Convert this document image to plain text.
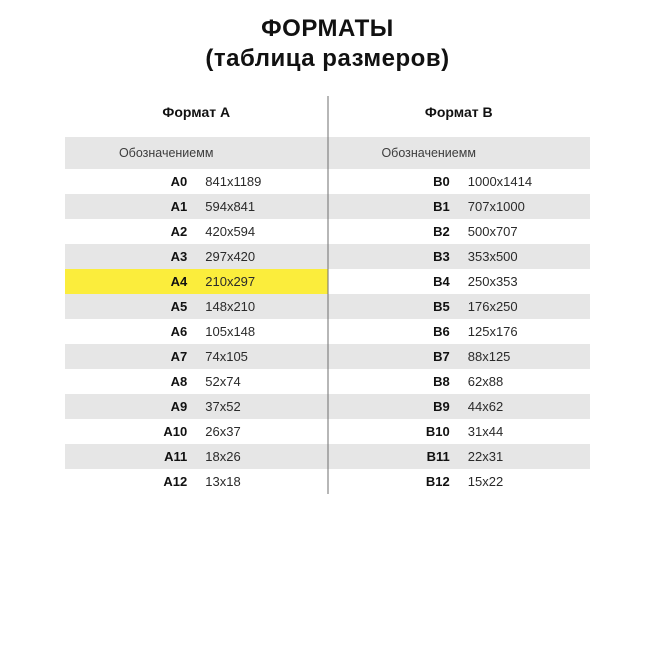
ФОРМАТЫ
(таблица размеров)
Формат А		Формат В	
Обозначение	мм	Обозначение	мм
A0	841x1189	B0	1000x1414
A1	594x841	B1	707x1000
A2	420x594	B2	500x707
A3	297x420	B3	353x500
A4	210x297	B4	250x353
A5	148x210	B5	176x250
A6	105x148	B6	125x176
A7	74x105	B7	88x125
A8	52x74	B8	62x88
A9	37x52	B9	44x62
A10	26x37	B10	31x44
A11	18x26	B11	22x31
A12	13x18	B12	15x22
